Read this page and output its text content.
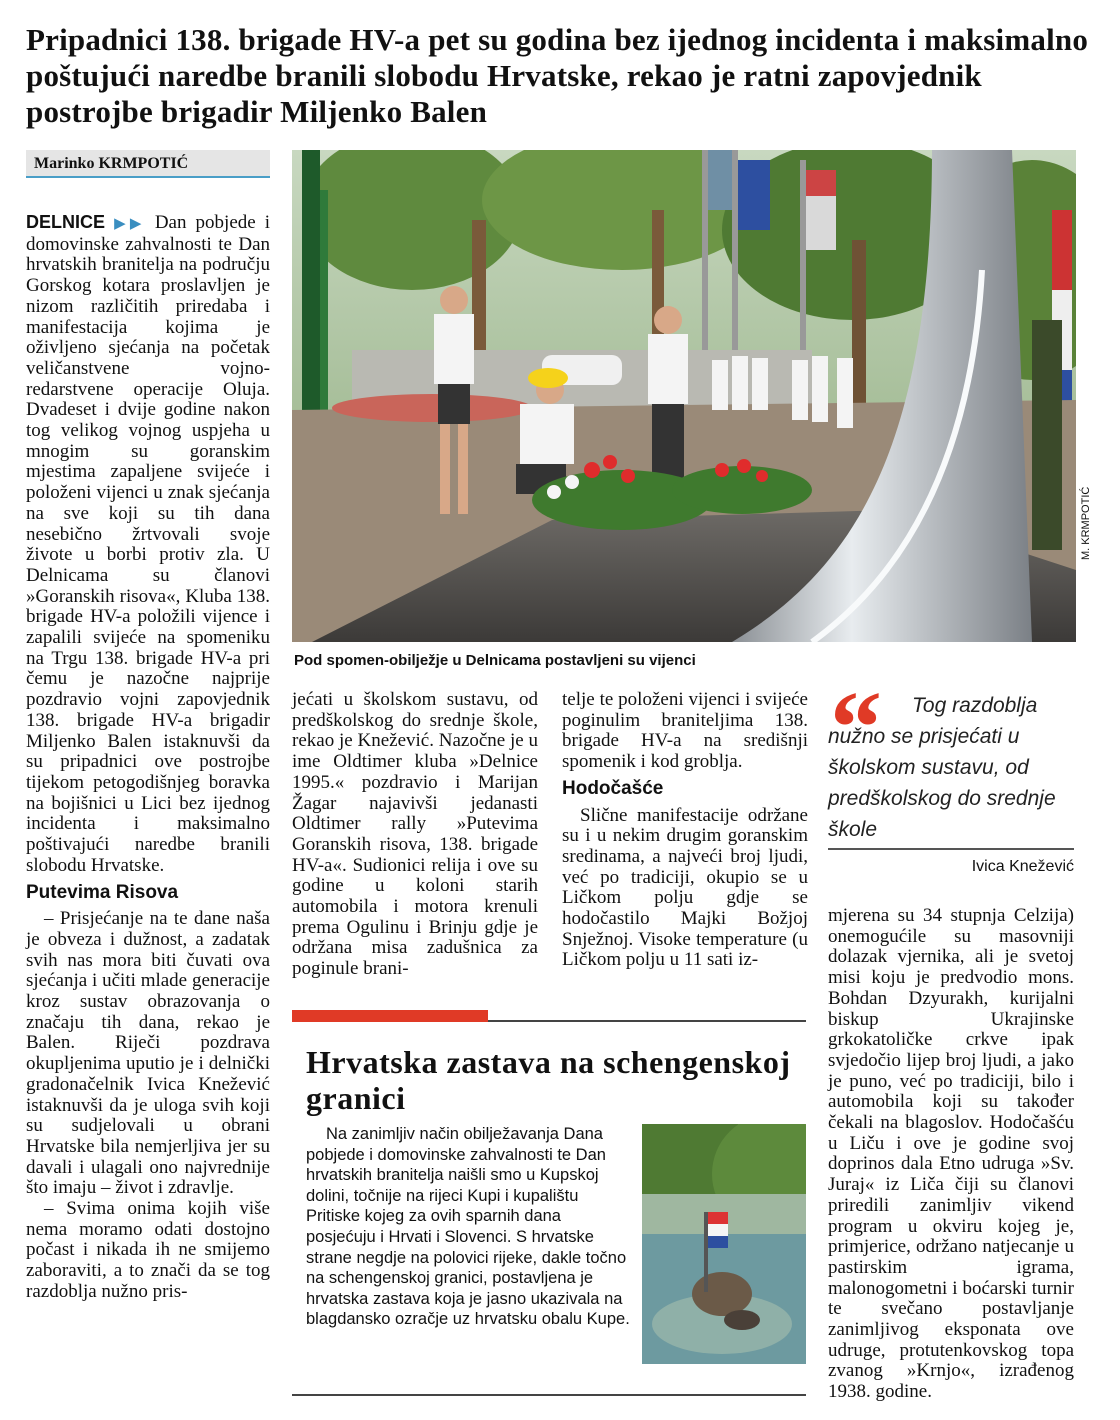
Pripadnici 138. brigade HV-a pet su godina bez ijednog incidenta i maksimalno poštujući naredbe branili slobodu Hrvatske, rekao je ratni zapovjednik postrojbe brigadir Miljenko Balen
Marinko KRMPOTIĆ

DELNICE ▶▶ Dan pobjede i domovinske zahvalnosti te Dan hrvatskih branitelja na području Gorskog kotara proslavljen je nizom različitih priredaba i manifestacija kojima je oživljeno sjećanja na početak veličanstvene vojno-redarstvene operacije Oluja. Dvadeset i dvije godine nakon tog velikog vojnog uspjeha u mnogim su goranskim mjestima zapaljene svijeće i položeni vijenci u znak sjećanja na sve koji su tih dana nesebično žrtvovali svoje živote u borbi protiv zla. U Delnicama su članovi »Goranskih risova«, Kluba 138. brigade HV-a položili vijence i zapalili svijeće na spomeniku na Trgu 138. brigade HV-a pri čemu je nazočne najprije pozdravio vojni zapovjednik 138. brigade HV-a brigadir Miljenko Balen istaknuvši da su pripadnici ove postrojbe tijekom petogodišnjeg boravka na bojišnici u Lici bez ijednog incidenta i maksimalno poštivajući naredbe branili slobodu Hrvatske.

Putevima Risova

– Prisjećanje na te dane naša je obveza i dužnost, a zadatak svih nas mora biti čuvati ova sjećanja i učiti mlade generacije kroz sustav obrazovanja o značaju tih dana, rekao je Balen. Riječi pozdrava okupljenima uputio je i delnički gradonačelnik Ivica Knežević istaknuvši da je uloga svih koji su sudjelovali u obrani Hrvatske bila nemjerljiva jer su davali i ulagali ono najvrednije što imaju – život i zdravlje.

– Svima onima kojih više nema moramo odati dostojno počast i nikada ih ne smijemo zaboraviti, a to znači da se tog razdoblja nužno pris-

M. KRMPOTIĆ
Pod spomen-obilježje u Delnicama postavljeni su vijenci

jećati u školskom sustavu, od predškolskog do srednje škole, rekao je Knežević. Nazočne je u ime Oldtimer kluba »Delnice 1995.« pozdravio i Marijan Žagar najavivši jedanasti Oldtimer rally »Putevima Goranskih risova, 138. brigade HV-a«. Sudionici relija i ove su godine u koloni starih automobila i motora krenuli prema Ogulinu i Brinju gdje je održana misa zadušnica za poginule brani-

telje te položeni vijenci i svijeće poginulim braniteljima 138. brigade HV-a na središnji spomenik i kod groblja.

Hodočašće

Slične manifestacije održane su i u nekim drugim goranskim sredinama, a najveći broj ljudi, već po tradiciji, okupio se u Ličkom polju gdje se hodočastilo Majki Božjoj Snježnoj. Visoke temperature (u Ličkom polju u 11 sati iz-

“	Tog razdoblja nužno se prisjećati u školskom sustavu, od predškolskog do srednje škole
Ivica Knežević

mjerena su 34 stupnja Celzija) onemogućile su masovniji dolazak vjernika, ali je svetoj misi koju je predvodio mons. Bohdan Dzyurakh, kurijalni biskup Ukrajinske grkokatoličke crkve ipak svjedočio lijep broj ljudi, a jako je puno, već po tradiciji, bilo i automobila koji su također čekali na blagoslov. Hodočašću u Liču i ove je godine svoj doprinos dala Etno udruga »Sv. Juraj« iz Liča čiji su članovi priredili zanimljiv vikend program u okviru kojeg je, primjerice, održano natjecanje u pastirskim igrama, malonogometni i boćarski turnir te svečano postavljanje zanimljivog eksponata ove udruge, protutenkovskog topa zvanog »Krnjo«, izrađenog 1938. godine.

Hrvatska zastava na schengenskoj granici

Na zanimljiv način obilježavanja Dana pobjede i domovinske zahvalnosti te Dan hrvatskih branitelja naišli smo u Kupskoj dolini, točnije na rijeci Kupi i kupalištu Pritiske kojeg za ovih sparnih dana posjećuju i Hrvati i Slovenci. S hrvatske strane negdje na polovici rijeke, dakle točno na schengenskoj granici, postavljena je hrvatska zastava koja je jasno ukazivala na blagdansko ozračje uz hrvatsku obalu Kupe.
